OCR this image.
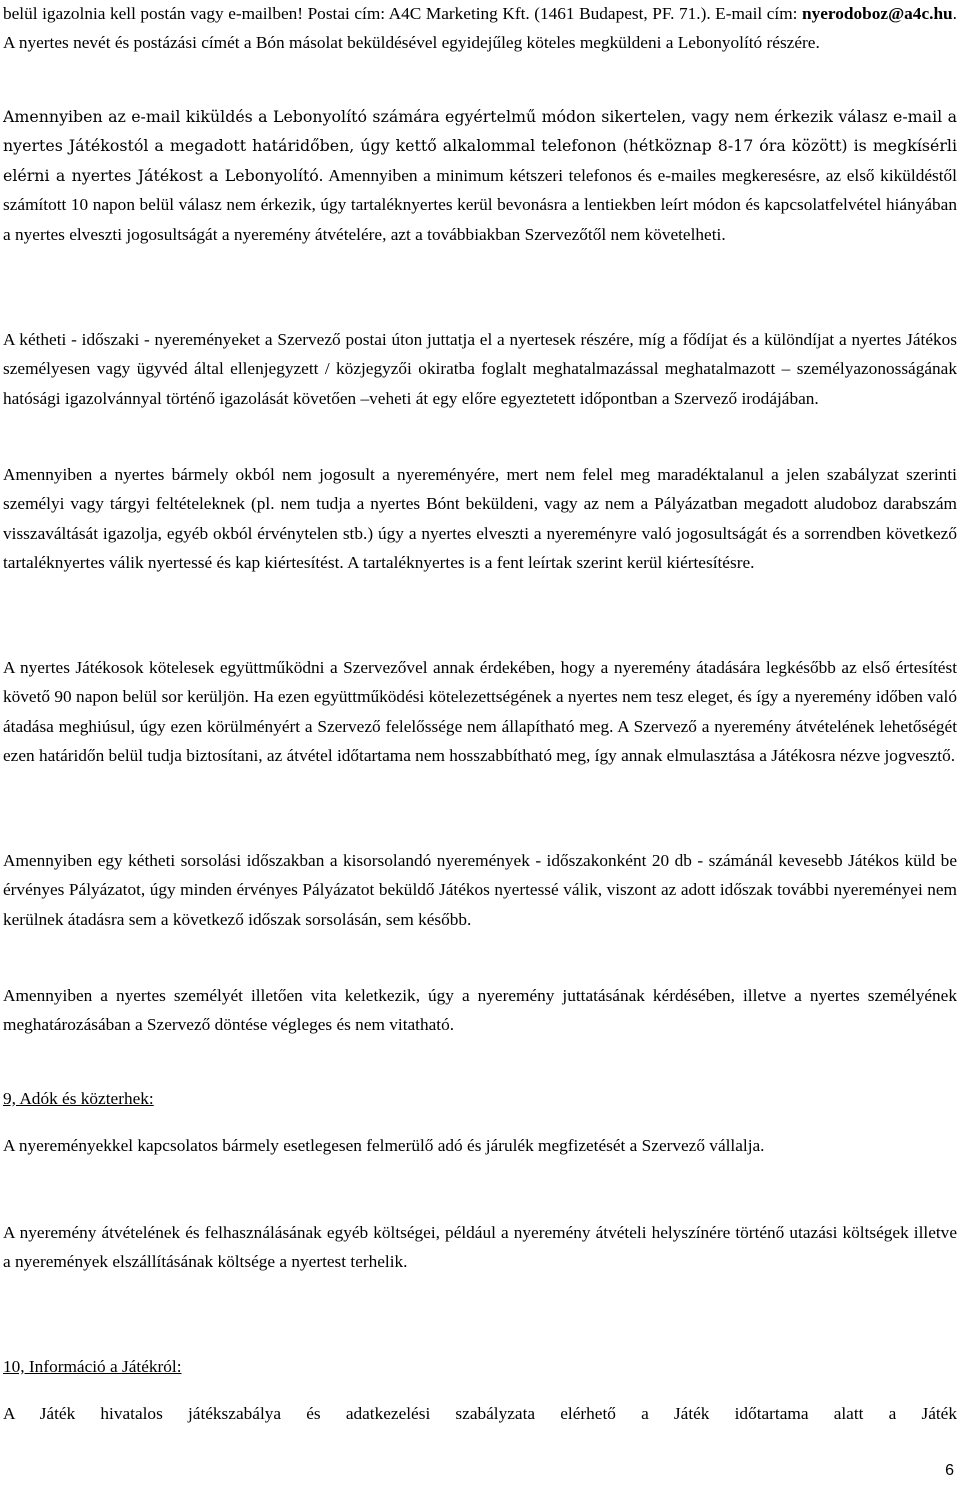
belül igazolnia kell postán vagy e-mailben! Postai cím: A4C Marketing Kft. (1461 Budapest, PF. 71.). E-mail cím: nyerodoboz@a4c.hu. A nyertes nevét és postázási címét a Bón másolat beküldésével egyidejűleg köteles megküldeni a Lebonyolító részére.

Amennyiben az e-mail kiküldés a Lebonyolító számára egyértelmű módon sikertelen, vagy nem érkezik válasz e-mail a nyertes Játékostól a megadott határidőben, úgy kettő alkalommal telefonon (hétköznap 8-17 óra között) is megkísérli elérni a nyertes Játékost a Lebonyolító. Amennyiben a minimum kétszeri telefonos és e-mailes megkeresésre, az első kiküldéstől számított 10 napon belül válasz nem érkezik, úgy tartaléknyertes kerül bevonásra a lentiekben leírt módon és kapcsolatfelvétel hiányában a nyertes elveszti jogosultságát a nyeremény átvételére, azt a továbbiakban Szervezőtől nem követelheti.

A kétheti - időszaki - nyereményeket a Szervező postai úton juttatja el a nyertesek részére, míg a fődíjat és a különdíjat a nyertes Játékos személyesen vagy ügyvéd által ellenjegyzett / közjegyzői okiratba foglalt meghatalmazással meghatalmazott – személyazonosságának hatósági igazolvánnyal történő igazolását követően –veheti át egy előre egyeztetett időpontban a Szervező irodájában.

Amennyiben a nyertes bármely okból nem jogosult a nyereményére, mert nem felel meg maradéktalanul a jelen szabályzat szerinti személyi vagy tárgyi feltételeknek (pl. nem tudja a nyertes Bónt beküldeni, vagy az nem a Pályázatban megadott aludoboz darabszám visszaváltását igazolja, egyéb okból érvénytelen stb.) úgy a nyertes elveszti a nyereményre való jogosultságát és a sorrendben következő tartaléknyertes válik nyertessé és kap kiértesítést. A tartaléknyertes is a fent leírtak szerint kerül kiértesítésre.

A nyertes Játékosok kötelesek együttműködni a Szervezővel annak érdekében, hogy a nyeremény átadására legkésőbb az első értesítést követő 90 napon belül sor kerüljön. Ha ezen együttműködési kötelezettségének a nyertes nem tesz eleget, és így a nyeremény időben való átadása meghiúsul, úgy ezen körülményért a Szervező felelőssége nem állapítható meg. A Szervező a nyeremény átvételének lehetőségét ezen határidőn belül tudja biztosítani, az átvétel időtartama nem hosszabbítható meg, így annak elmulasztása a Játékosra nézve jogvesztő.

Amennyiben egy kétheti sorsolási időszakban a kisorsolandó nyeremények - időszakonként 20 db - számánál kevesebb Játékos küld be érvényes Pályázatot, úgy minden érvényes Pályázatot beküldő Játékos nyertessé válik, viszont az adott időszak további nyereményei nem kerülnek átadásra sem a következő időszak sorsolásán, sem később.

Amennyiben a nyertes személyét illetően vita keletkezik, úgy a nyeremény juttatásának kérdésében, illetve a nyertes személyének meghatározásában a Szervező döntése végleges és nem vitatható.

9, Adók és közterhek:

A nyereményekkel kapcsolatos bármely esetlegesen felmerülő adó és járulék megfizetését a Szervező vállalja.

A nyeremény átvételének és felhasználásának egyéb költségei, például a nyeremény átvételi helyszínére történő utazási költségek illetve a nyeremények elszállításának költsége a nyertest terhelik.

10, Információ a Játékról:

A Játék hivatalos játékszabálya és adatkezelési szabályzata elérhető a Játék időtartama alatt a Játék

6
